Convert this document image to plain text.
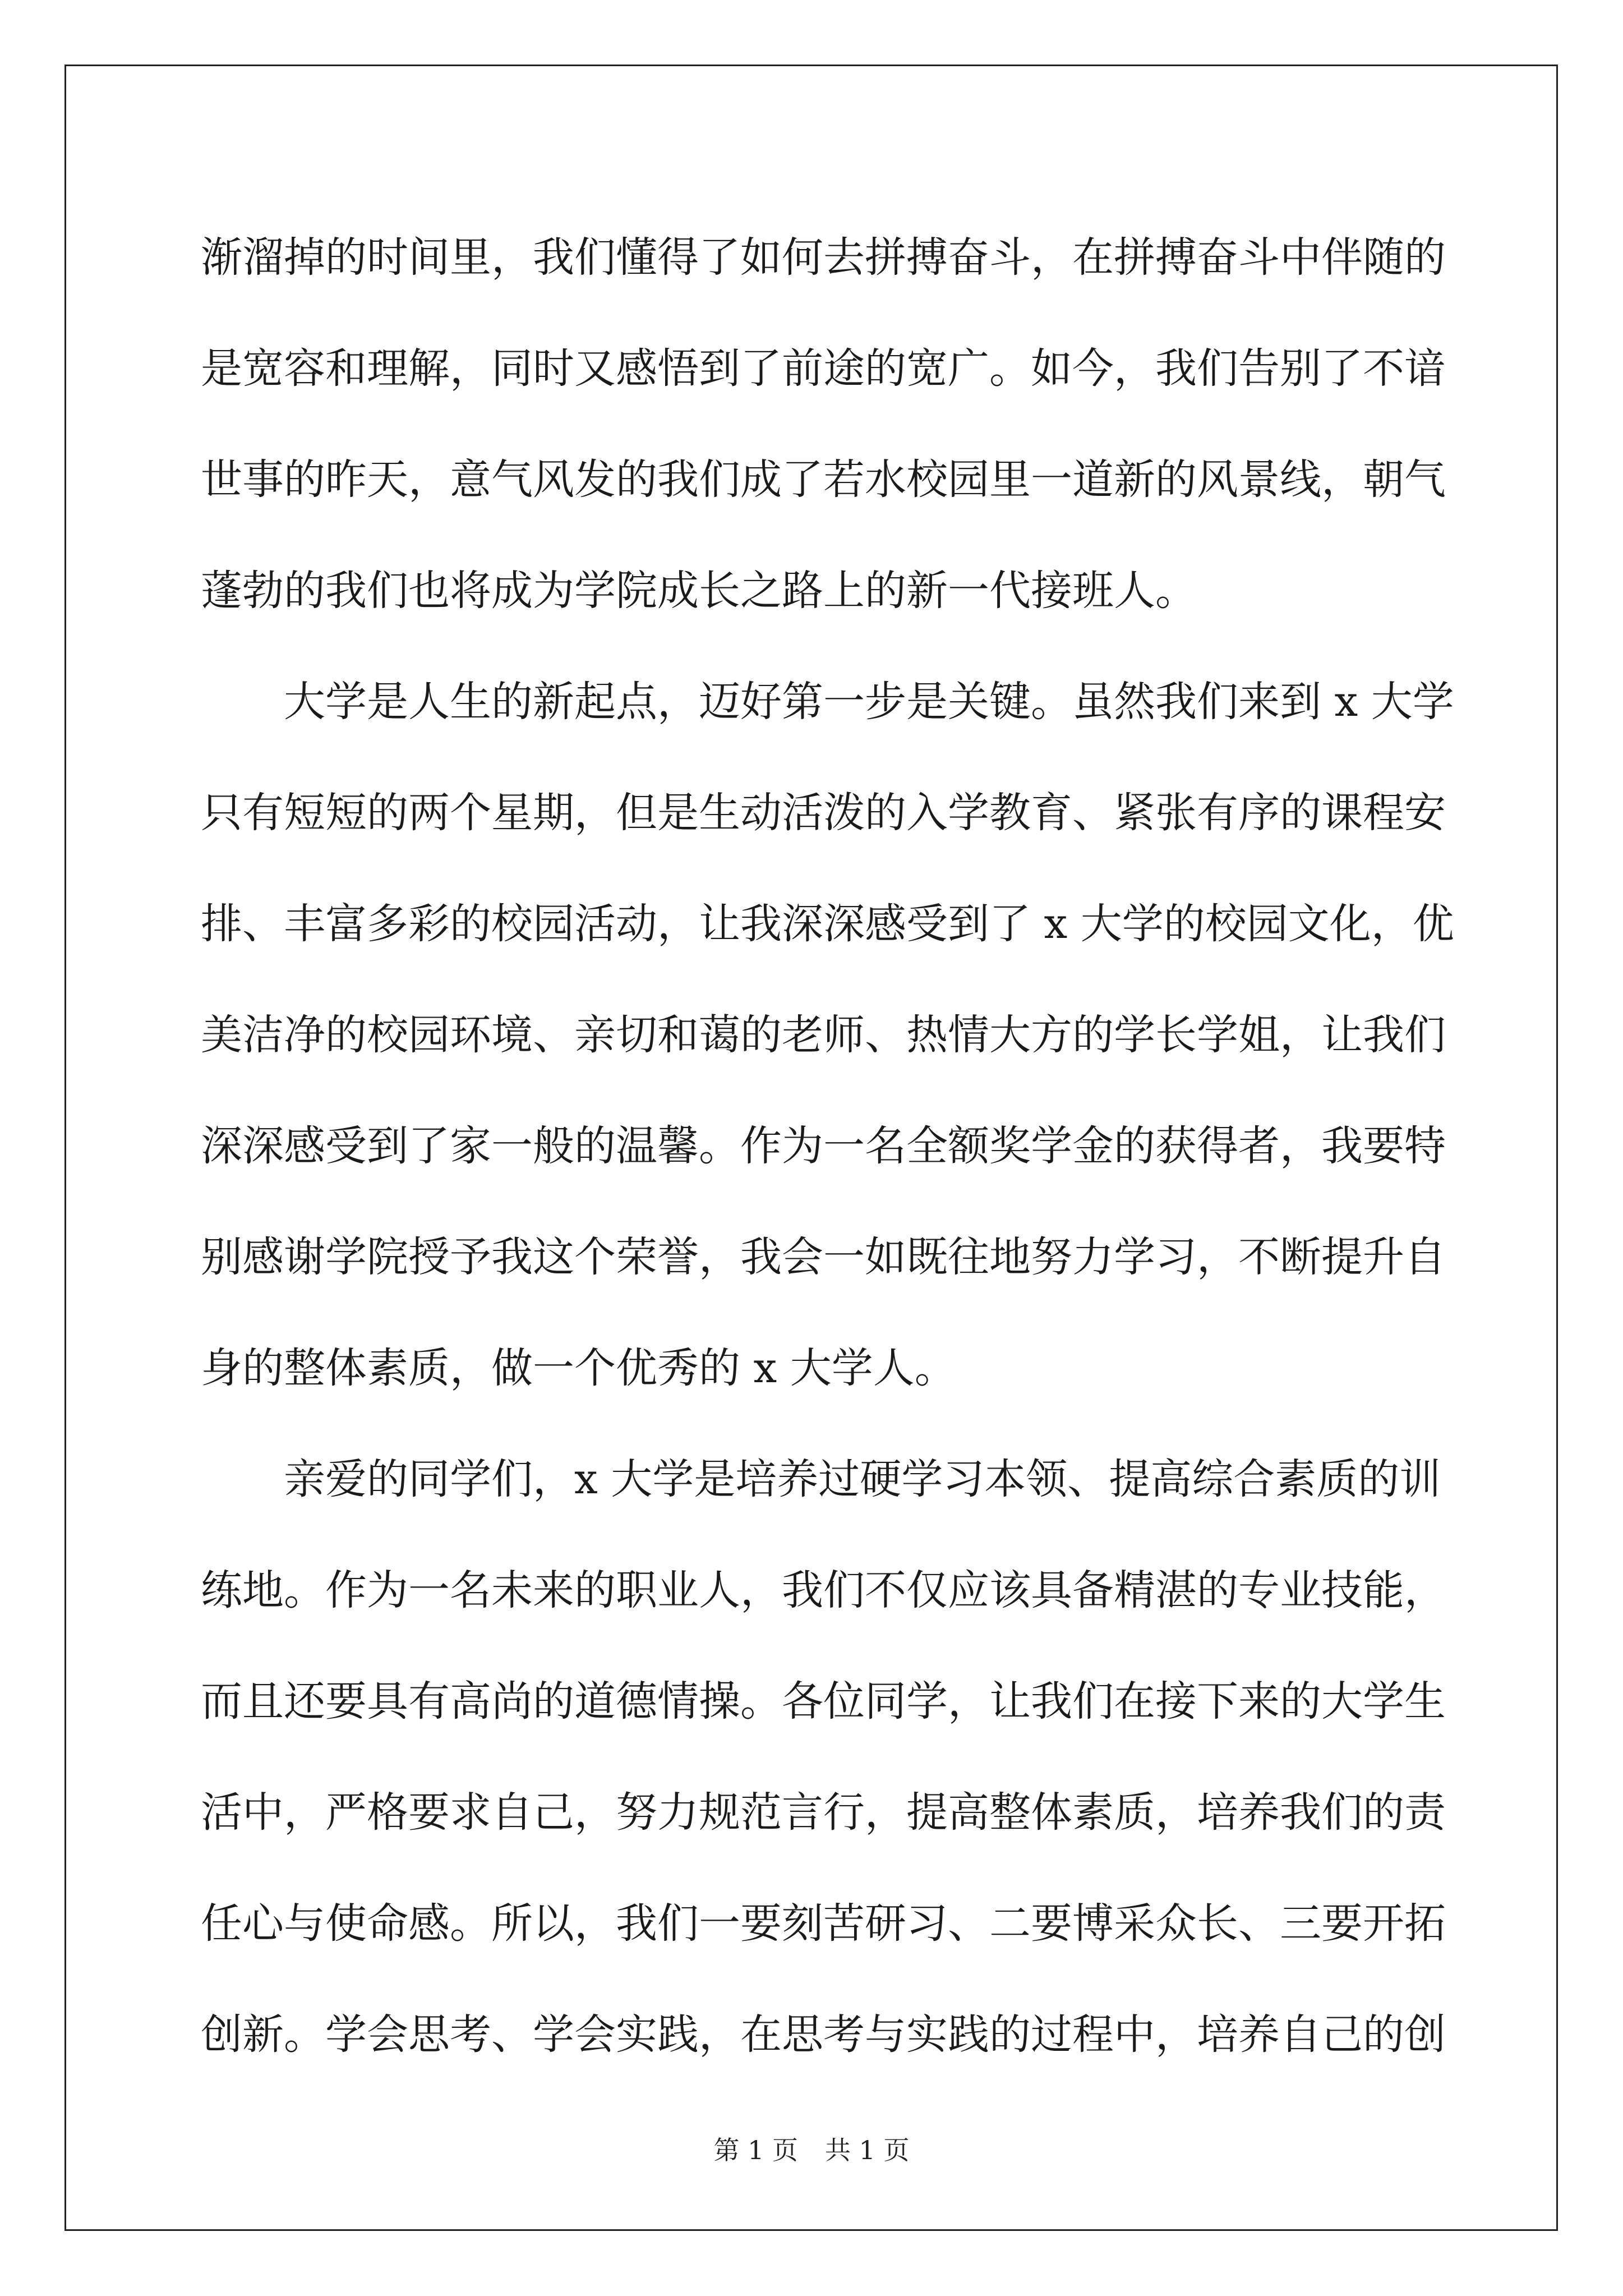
渐溜掉的时间里，我们懂得了如何去拼搏奋斗，在拼搏奋斗中伴随的
是宽容和理解，同时又感悟到了前途的宽广。如今，我们告别了不谙
世事的昨天，意气风发的我们成了若水校园里一道新的风景线，朝气
蓬勃的我们也将成为学院成长之路上的新一代接班人。
大学是人生的新起点，迈好第一步是关键。虽然我们来到 x 大学
只有短短的两个星期，但是生动活泼的入学教育、紧张有序的课程安
排、丰富多彩的校园活动，让我深深感受到了 x 大学的校园文化，优
美洁净的校园环境、亲切和蔼的老师、热情大方的学长学姐，让我们
深深感受到了家一般的温馨。作为一名全额奖学金的获得者，我要特
别感谢学院授予我这个荣誉，我会一如既往地努力学习，不断提升自
身的整体素质，做一个优秀的 x 大学人。
亲爱的同学们，x 大学是培养过硬学习本领、提高综合素质的训
练地。作为一名未来的职业人，我们不仅应该具备精湛的专业技能，
而且还要具有高尚的道德情操。各位同学，让我们在接下来的大学生
活中，严格要求自己，努力规范言行，提高整体素质，培养我们的责
任心与使命感。所以，我们一要刻苦研习、二要博采众长、三要开拓
创新。学会思考、学会实践，在思考与实践的过程中，培养自己的创
第 1 页 共 1 页
